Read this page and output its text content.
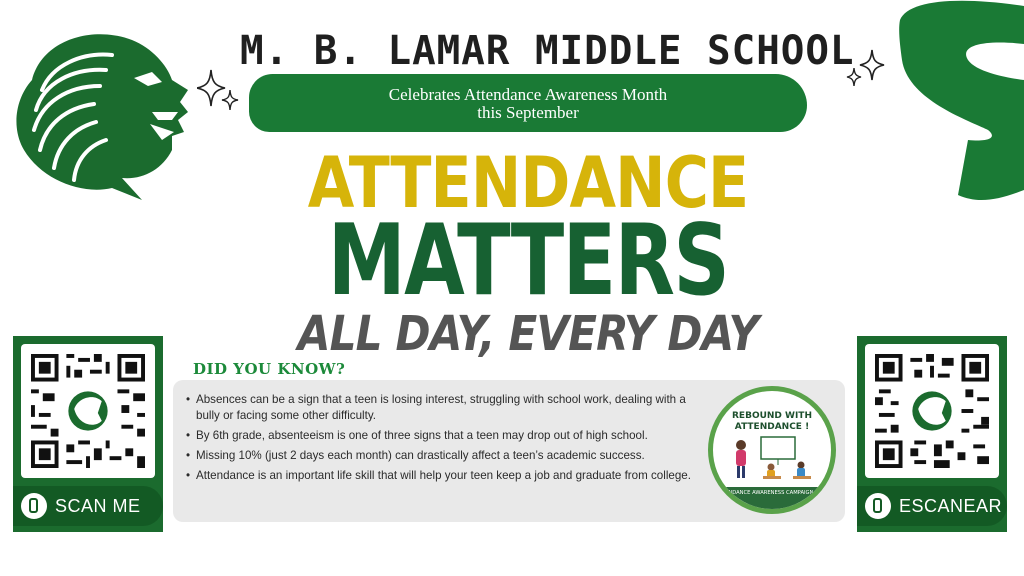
M. B. LAMAR MIDDLE SCHOOL
Celebrates Attendance Awareness Month
this September
ATTENDANCE
MATTERS
ALL DAY, EVERY DAY
SCAN ME	ESCANEAR
DID YOU KNOW?
• Absences can be a sign that a teen is losing interest, struggling with school work, dealing with a bully or facing some other difficulty.
• By 6th grade, absenteeism is one of three signs that a teen may drop out of high school.
• Missing 10% (just 2 days each month) can drastically affect a teen’s academic success.
• Attendance is an important life skill that will help your teen keep a job and graduate from college.
REBOUND WITH ATTENDANCE !
ATTENDANCE AWARENESS CAMPAIGN 2021
